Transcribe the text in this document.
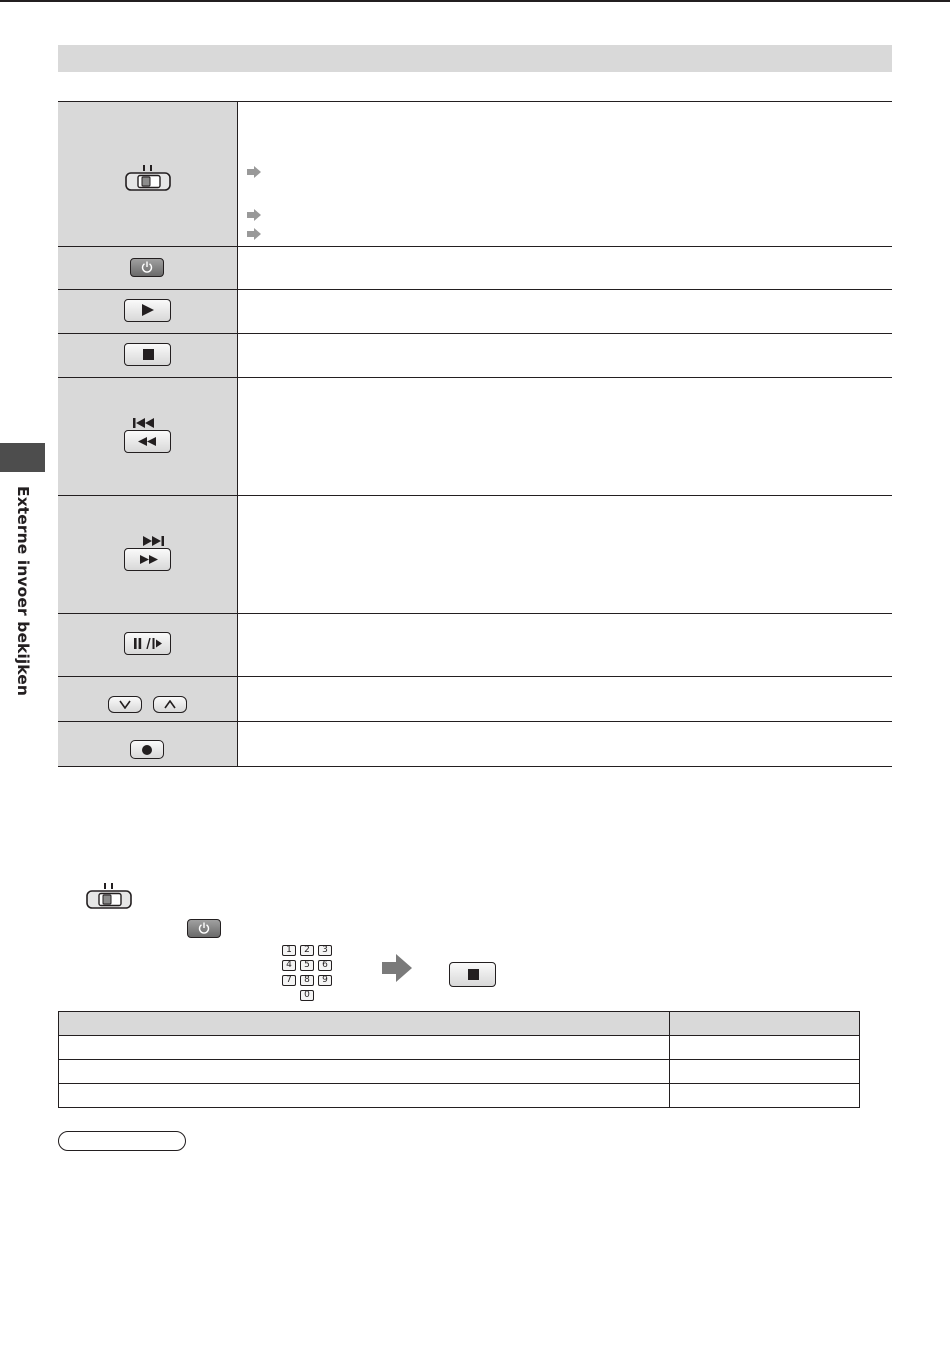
Externe invoer bekijken
1	2	3
4	5	6
7	8	9
0
